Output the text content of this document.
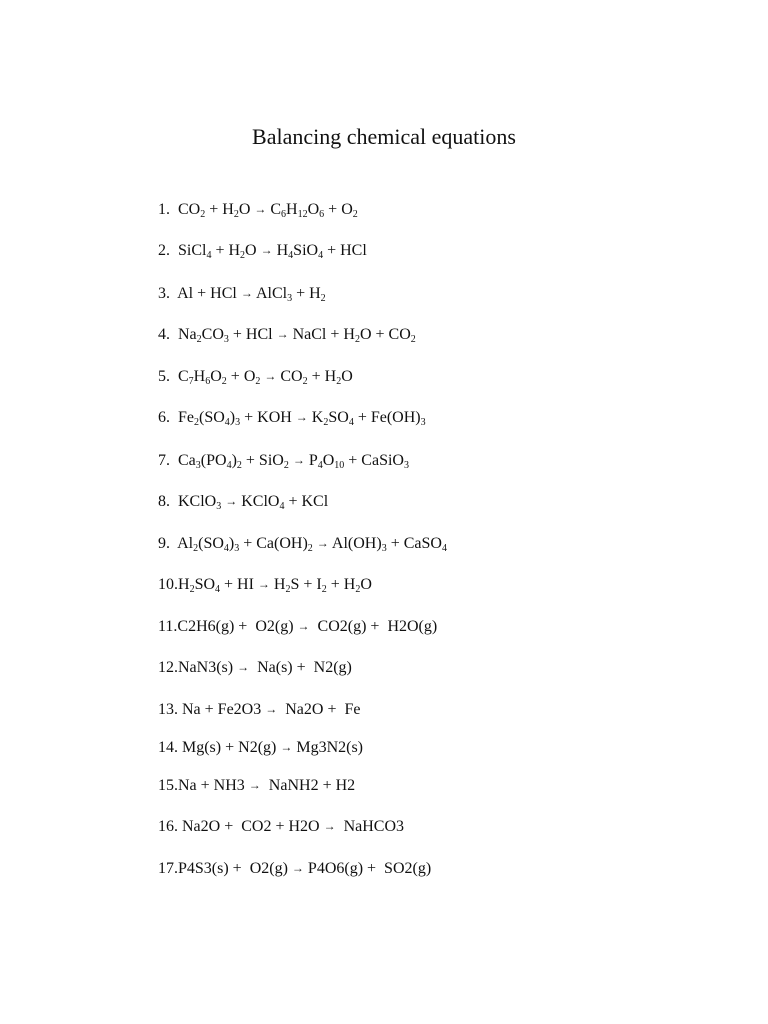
Balancing chemical equations
1. $CO_2 + H_2O \to C_6H_{12}O_6 + O_2$
2. SiCl$_4$ + $H_2O \to H_4SiO_4$ + HCl
3. Al + HCl → AlCl$_3$ + $H_2$
4. $Na_2CO_3$ + HCl → NaCl + $H_2O + CO_2$
5. $C_7H_6O_2 + O_2 \to CO_2 + H_2O$
6. $Fe_2(SO_4)_3$ + KOH → $K_2SO_4 + Fe(OH)_3$
7. $Ca_3(PO_4)_2 + SiO_2 \to P_4O_{10}$ + CaSiO$_3$
8. KClO$_3$ → KClO$_4$ + KCl
9. $Al_2(SO_4)_3 + Ca(OH)_2 \to Al(OH)_3$ + CaSO$_4$
$10.H_2SO_4$ + HI → $H_2S + I_2 + H_2O$
11.C2H6(g) +  O2(g) →  CO2(g) +  H2O(g)
12.NaN3(s) →  Na(s) +  N2(g)
13. Na + Fe2O3 →  Na2O +  Fe
14. Mg(s) + N2(g) → Mg3N2(s)
15.Na + NH3 →  NaNH2 + H2
16. Na2O +  CO2 + H2O →  NaHCO3
17.P4S3(s) +  O2(g) → P4O6(g) +  SO2(g)
